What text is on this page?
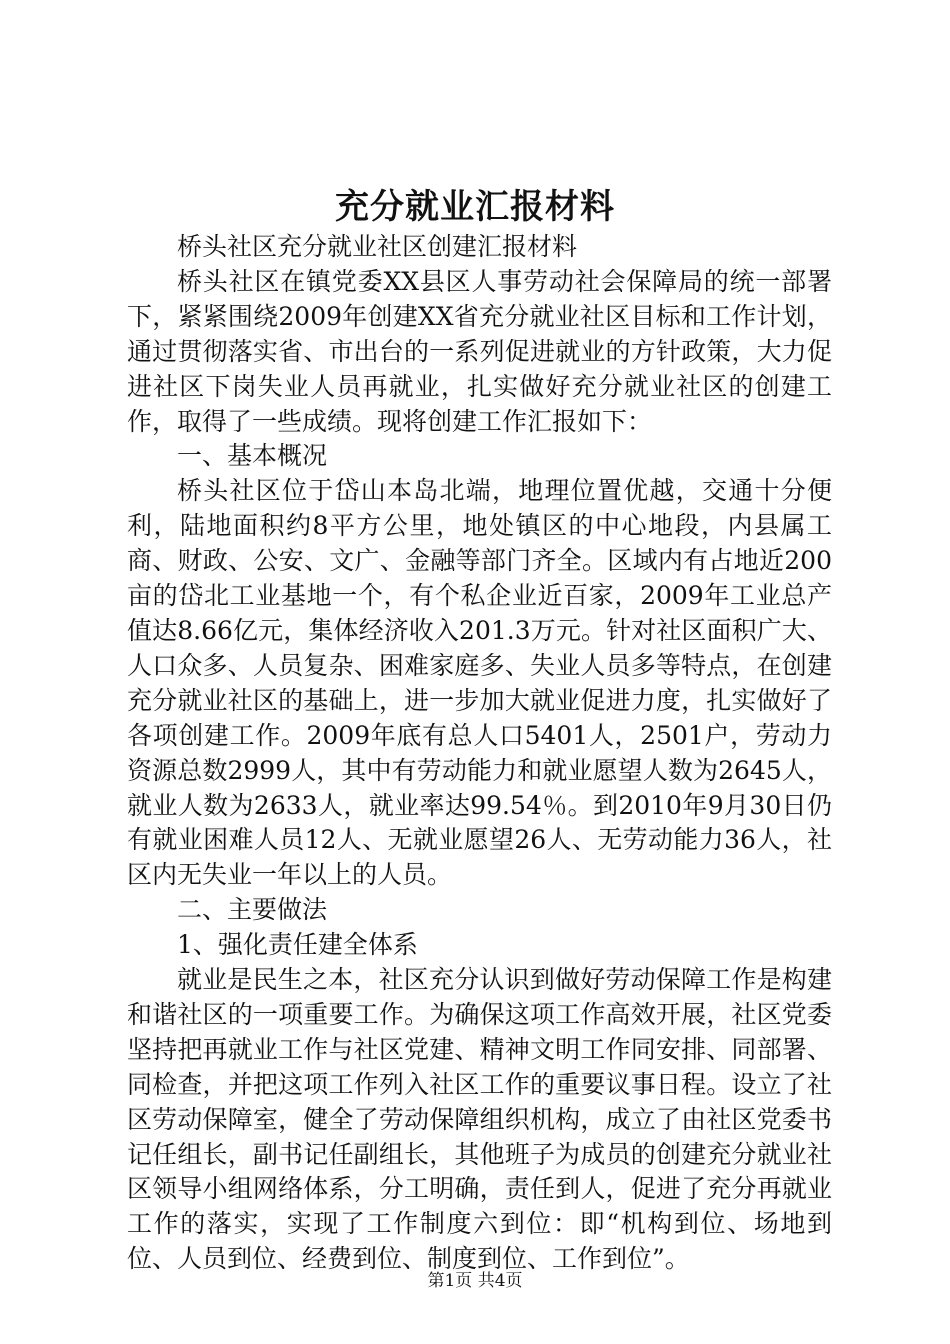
充分就业汇报材料

桥头社区充分就业社区创建汇报材料

桥头社区在镇党委XX县区人事劳动社会保障局的统一部署下，紧紧围绕2009年创建XX省充分就业社区目标和工作计划，通过贯彻落实省、市出台的一系列促进就业的方针政策，大力促进社区下岗失业人员再就业，扎实做好充分就业社区的创建工作，取得了一些成绩。现将创建工作汇报如下：

一、基本概况

桥头社区位于岱山本岛北端，地理位置优越，交通十分便利，陆地面积约8平方公里，地处镇区的中心地段，内县属工商、财政、公安、文广、金融等部门齐全。区域内有占地近200亩的岱北工业基地一个，有个私企业近百家，2009年工业总产值达8.66亿元，集体经济收入201.3万元。针对社区面积广大、人口众多、人员复杂、困难家庭多、失业人员多等特点，在创建充分就业社区的基础上，进一步加大就业促进力度，扎实做好了各项创建工作。2009年底有总人口5401人，2501户，劳动力资源总数2999人，其中有劳动能力和就业愿望人数为2645人，就业人数为2633人，就业率达99.54％。到2010年9月30日仍有就业困难人员12人、无就业愿望26人、无劳动能力36人，社区内无失业一年以上的人员。

二、主要做法

1、强化责任建全体系

就业是民生之本，社区充分认识到做好劳动保障工作是构建和谐社区的一项重要工作。为确保这项工作高效开展，社区党委坚持把再就业工作与社区党建、精神文明工作同安排、同部署、同检查，并把这项工作列入社区工作的重要议事日程。设立了社区劳动保障室，健全了劳动保障组织机构，成立了由社区党委书记任组长，副书记任副组长，其他班子为成员的创建充分就业社区领导小组网络体系，分工明确，责任到人，促进了充分再就业工作的落实，实现了工作制度六到位：即“机构到位、场地到位、人员到位、经费到位、制度到位、工作到位”。

第1页 共4页
